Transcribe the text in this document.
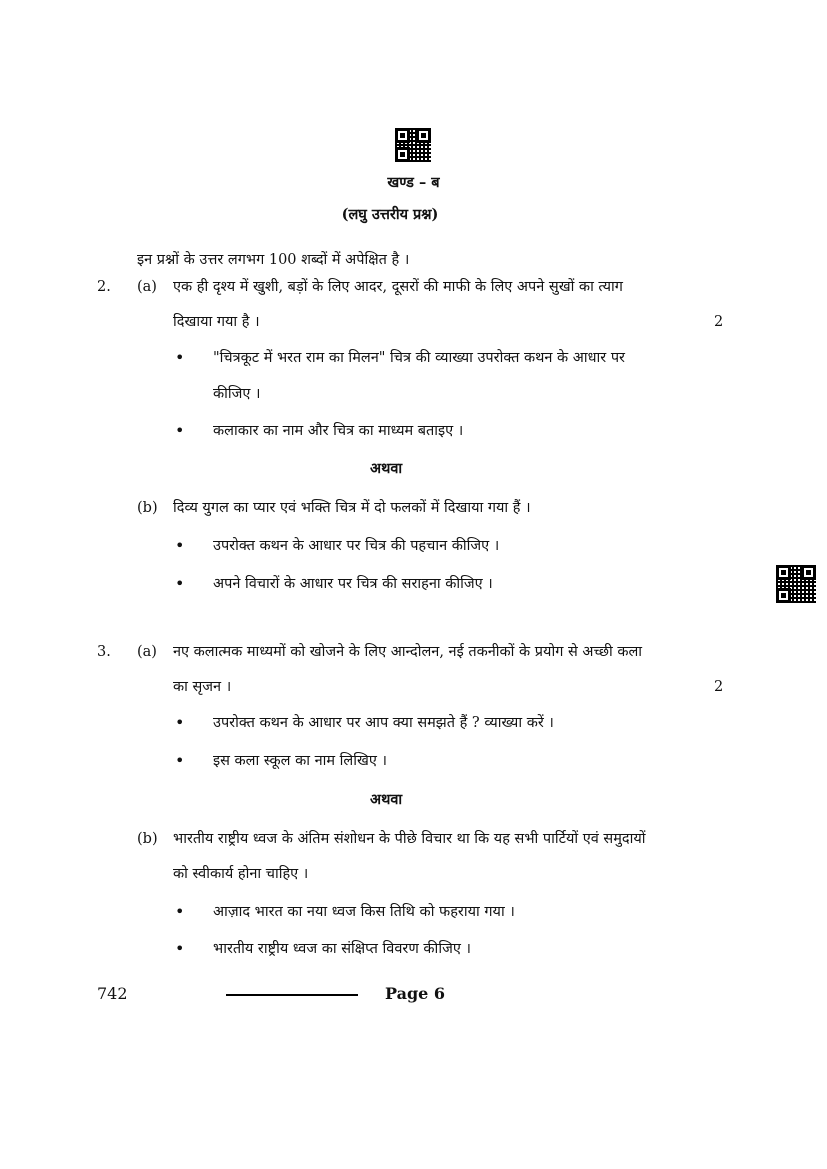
खण्ड – ब
(लघु उत्तरीय प्रश्न)
इन प्रश्नों के उत्तर लगभग 100 शब्दों में अपेक्षित है ।
2. (a) एक ही दृश्य में खुशी, बड़ों के लिए आदर, दूसरों की माफी के लिए अपने सुखों का त्याग
दिखाया गया है ।	2
• "चित्रकूट में भरत राम का मिलन" चित्र की व्याख्या उपरोक्त कथन के आधार पर
कीजिए ।
• कलाकार का नाम और चित्र का माध्यम बताइए ।
अथवा
(b) दिव्य युगल का प्यार एवं भक्ति चित्र में दो फलकों में दिखाया गया हैं ।
• उपरोक्त कथन के आधार पर चित्र की पहचान कीजिए ।
• अपने विचारों के आधार पर चित्र की सराहना कीजिए ।
3. (a) नए कलात्मक माध्यमों को खोजने के लिए आन्दोलन, नई तकनीकों के प्रयोग से अच्छी कला
का सृजन ।	2
• उपरोक्त कथन के आधार पर आप क्या समझते हैं ? व्याख्या करें ।
• इस कला स्कूल का नाम लिखिए ।
अथवा
(b) भारतीय राष्ट्रीय ध्वज के अंतिम संशोधन के पीछे विचार था कि यह सभी पार्टियों एवं समुदायों
को स्वीकार्य होना चाहिए ।
• आज़ाद भारत का नया ध्वज किस तिथि को फहराया गया ।
• भारतीय राष्ट्रीय ध्वज का संक्षिप्त विवरण कीजिए ।
742	Page 6
